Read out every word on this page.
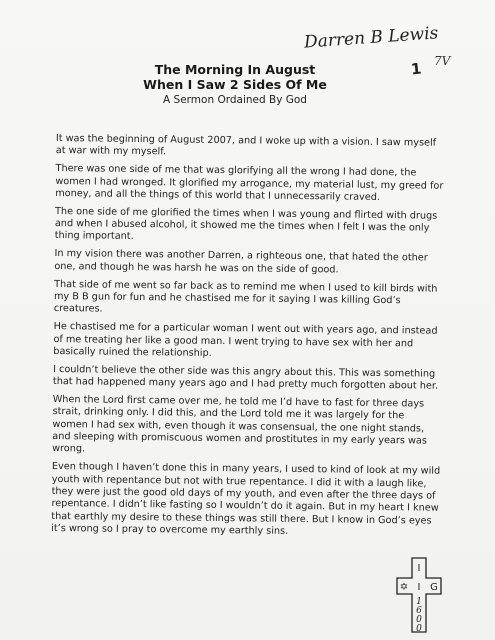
Darren B Lewis
1 7V
The Morning In August
When I Saw 2 Sides Of Me
A Sermon Ordained By God

It was the beginning of August 2007, and I woke up with a vision. I saw myself at war with my myself.

There was one side of me that was glorifying all the wrong I had done, the women I had wronged. It glorified my arrogance, my material lust, my greed for money, and all the things of this world that I unnecessarily craved.

The one side of me glorified the times when I was young and flirted with drugs and when I abused alcohol, it showed me the times when I felt I was the only thing important.

In my vision there was another Darren, a righteous one, that hated the other one, and though he was harsh he was on the side of good.

That side of me went so far back as to remind me when I used to kill birds with my B B gun for fun and he chastised me for it saying I was killing God’s creatures.

He chastised me for a particular woman I went out with years ago, and instead of me treating her like a good man. I went trying to have sex with her and basically ruined the relationship.

I couldn’t believe the other side was this angry about this. This was something that had happened many years ago and I had pretty much forgotten about her.

When the Lord first came over me, he told me I’d have to fast for three days strait, drinking only. I did this, and the Lord told me it was largely for the women I had sex with, even though it was consensual, the one night stands, and sleeping with promiscuous women and prostitutes in my early years was wrong.

Even though I haven’t done this in many years, I used to kind of look at my wild youth with repentance but not with true repentance. I did it with a laugh like, they were just the good old days of my youth, and even after the three days of repentance. I didn’t like fasting so I wouldn’t do it again. But in my heart I knew that earthly my desire to these things was still there. But I know in God’s eyes it’s wrong so I pray to overcome my earthly sins.

I
✡ I G
1
6
0
0
